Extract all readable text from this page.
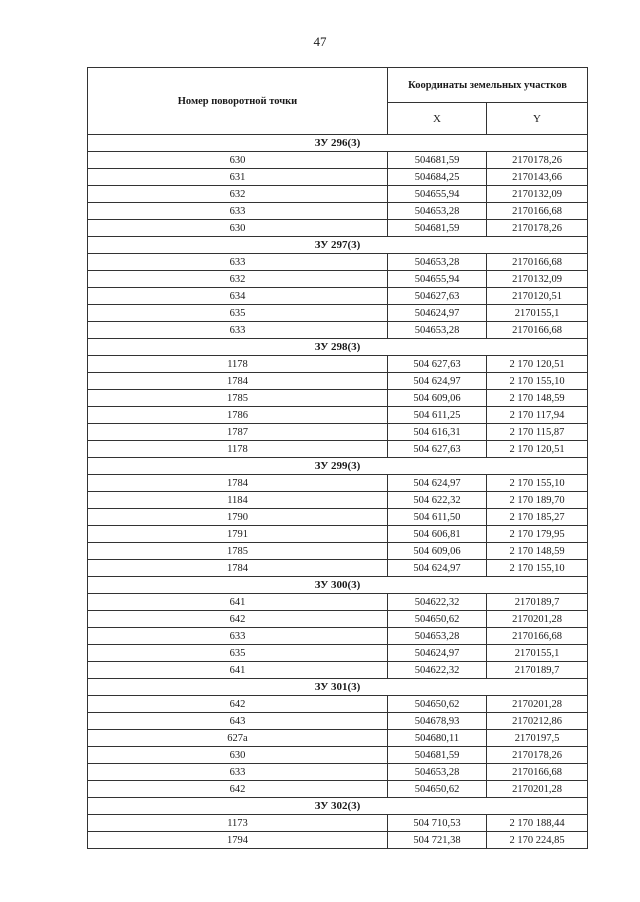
47
Номер поворотной точки	Координаты земельных участков	
	X	Y
ЗУ 296(3)		
630	504681,59	2170178,26
631	504684,25	2170143,66
632	504655,94	2170132,09
633	504653,28	2170166,68
630	504681,59	2170178,26
ЗУ 297(3)		
633	504653,28	2170166,68
632	504655,94	2170132,09
634	504627,63	2170120,51
635	504624,97	2170155,1
633	504653,28	2170166,68
ЗУ 298(3)		
1178	504 627,63	2 170 120,51
1784	504 624,97	2 170 155,10
1785	504 609,06	2 170 148,59
1786	504 611,25	2 170 117,94
1787	504 616,31	2 170 115,87
1178	504 627,63	2 170 120,51
ЗУ 299(3)		
1784	504 624,97	2 170 155,10
1184	504 622,32	2 170 189,70
1790	504 611,50	2 170 185,27
1791	504 606,81	2 170 179,95
1785	504 609,06	2 170 148,59
1784	504 624,97	2 170 155,10
ЗУ 300(3)		
641	504622,32	2170189,7
642	504650,62	2170201,28
633	504653,28	2170166,68
635	504624,97	2170155,1
641	504622,32	2170189,7
ЗУ 301(3)		
642	504650,62	2170201,28
643	504678,93	2170212,86
627а	504680,11	2170197,5
630	504681,59	2170178,26
633	504653,28	2170166,68
642	504650,62	2170201,28
ЗУ 302(3)		
1173	504 710,53	2 170 188,44
1794	504 721,38	2 170 224,85
